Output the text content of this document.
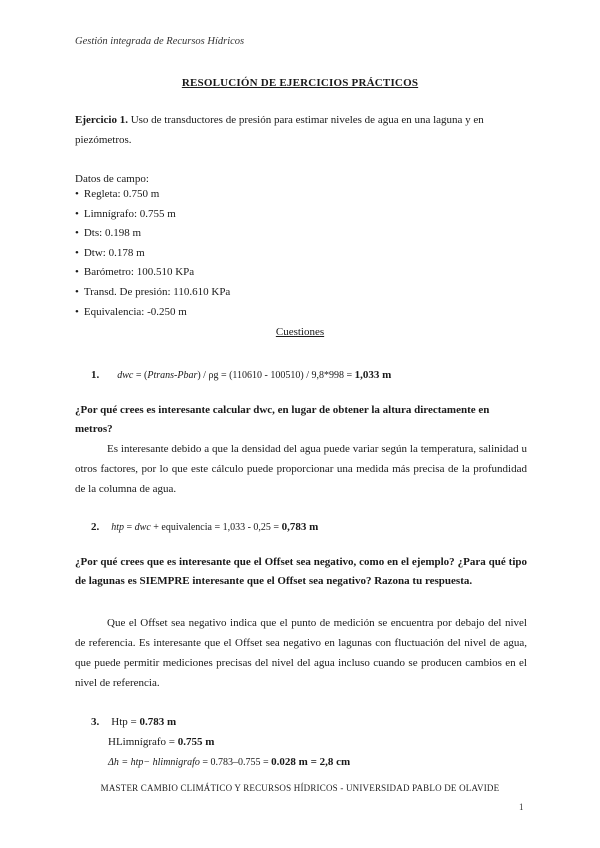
Gestión integrada de Recursos Hídricos
RESOLUCIÓN DE EJERCICIOS PRÁCTICOS
Ejercicio 1. Uso de transductores de presión para estimar niveles de agua en una laguna y en piezómetros.
Datos de campo:
• Regleta: 0.750 m
• Limnígrafo: 0.755 m
• Dts: 0.198 m
• Dtw: 0.178 m
• Barómetro: 100.510 KPa
• Transd. De presión: 110.610 KPa
• Equivalencia: -0.250 m
Cuestiones
1. dwc = (Ptrans-Pbar) / ρg = (110610 - 100510) / 9,8*998 = 1,033 m
¿Por qué crees es interesante calcular dwc, en lugar de obtener la altura directamente en metros?
Es interesante debido a que la densidad del agua puede variar según la temperatura, salinidad u otros factores, por lo que este cálculo puede proporcionar una medida más precisa de la profundidad de la columna de agua.
2. htp = dwc + equivalencia = 1,033 - 0,25 = 0,783 m
¿Por qué crees que es interesante que el Offset sea negativo, como en el ejemplo? ¿Para qué tipo de lagunas es SIEMPRE interesante que el Offset sea negativo? Razona tu respuesta.
Que el Offset sea negativo indica que el punto de medición se encuentra por debajo del nivel de referencia. Es interesante que el Offset sea negativo en lagunas con fluctuación del nivel de agua, que puede permitir mediciones precisas del nivel del agua incluso cuando se producen cambios en el nivel de referencia.
3. Htp = 0.783 m
HLimnígrafo = 0.755 m
Δh = htp− hlimnigrafo = 0.783–0.755 = 0.028 m = 2,8 cm
MASTER CAMBIO CLIMÁTICO Y RECURSOS HÍDRICOS - UNIVERSIDAD PABLO DE OLAVIDE
1
